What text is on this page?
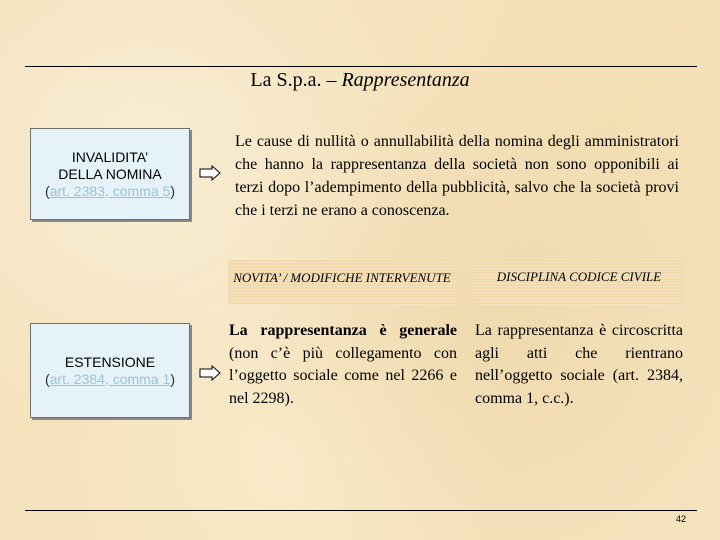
La S.p.a. – Rappresentanza
INVALIDITA’
DELLA NOMINA
(art. 2383, comma 5)
Le cause di nullità o annullabilità della nomina degli amministratori che hanno la rappresentanza della società non sono opponibili ai terzi dopo l’adempimento della pubblicità, salvo che la società provi che i terzi ne erano a conoscenza.
NOVITA’ / MODIFICHE INTERVENUTE	DISCIPLINA CODICE CIVILE
ESTENSIONE
(art. 2384, comma 1)
La rappresentanza è generale (non c’è più collegamento con l’oggetto sociale come nel 2266 e nel 2298).
La rappresentanza è circoscritta agli atti che rientrano nell’oggetto sociale (art. 2384, comma 1, c.c.).
42
